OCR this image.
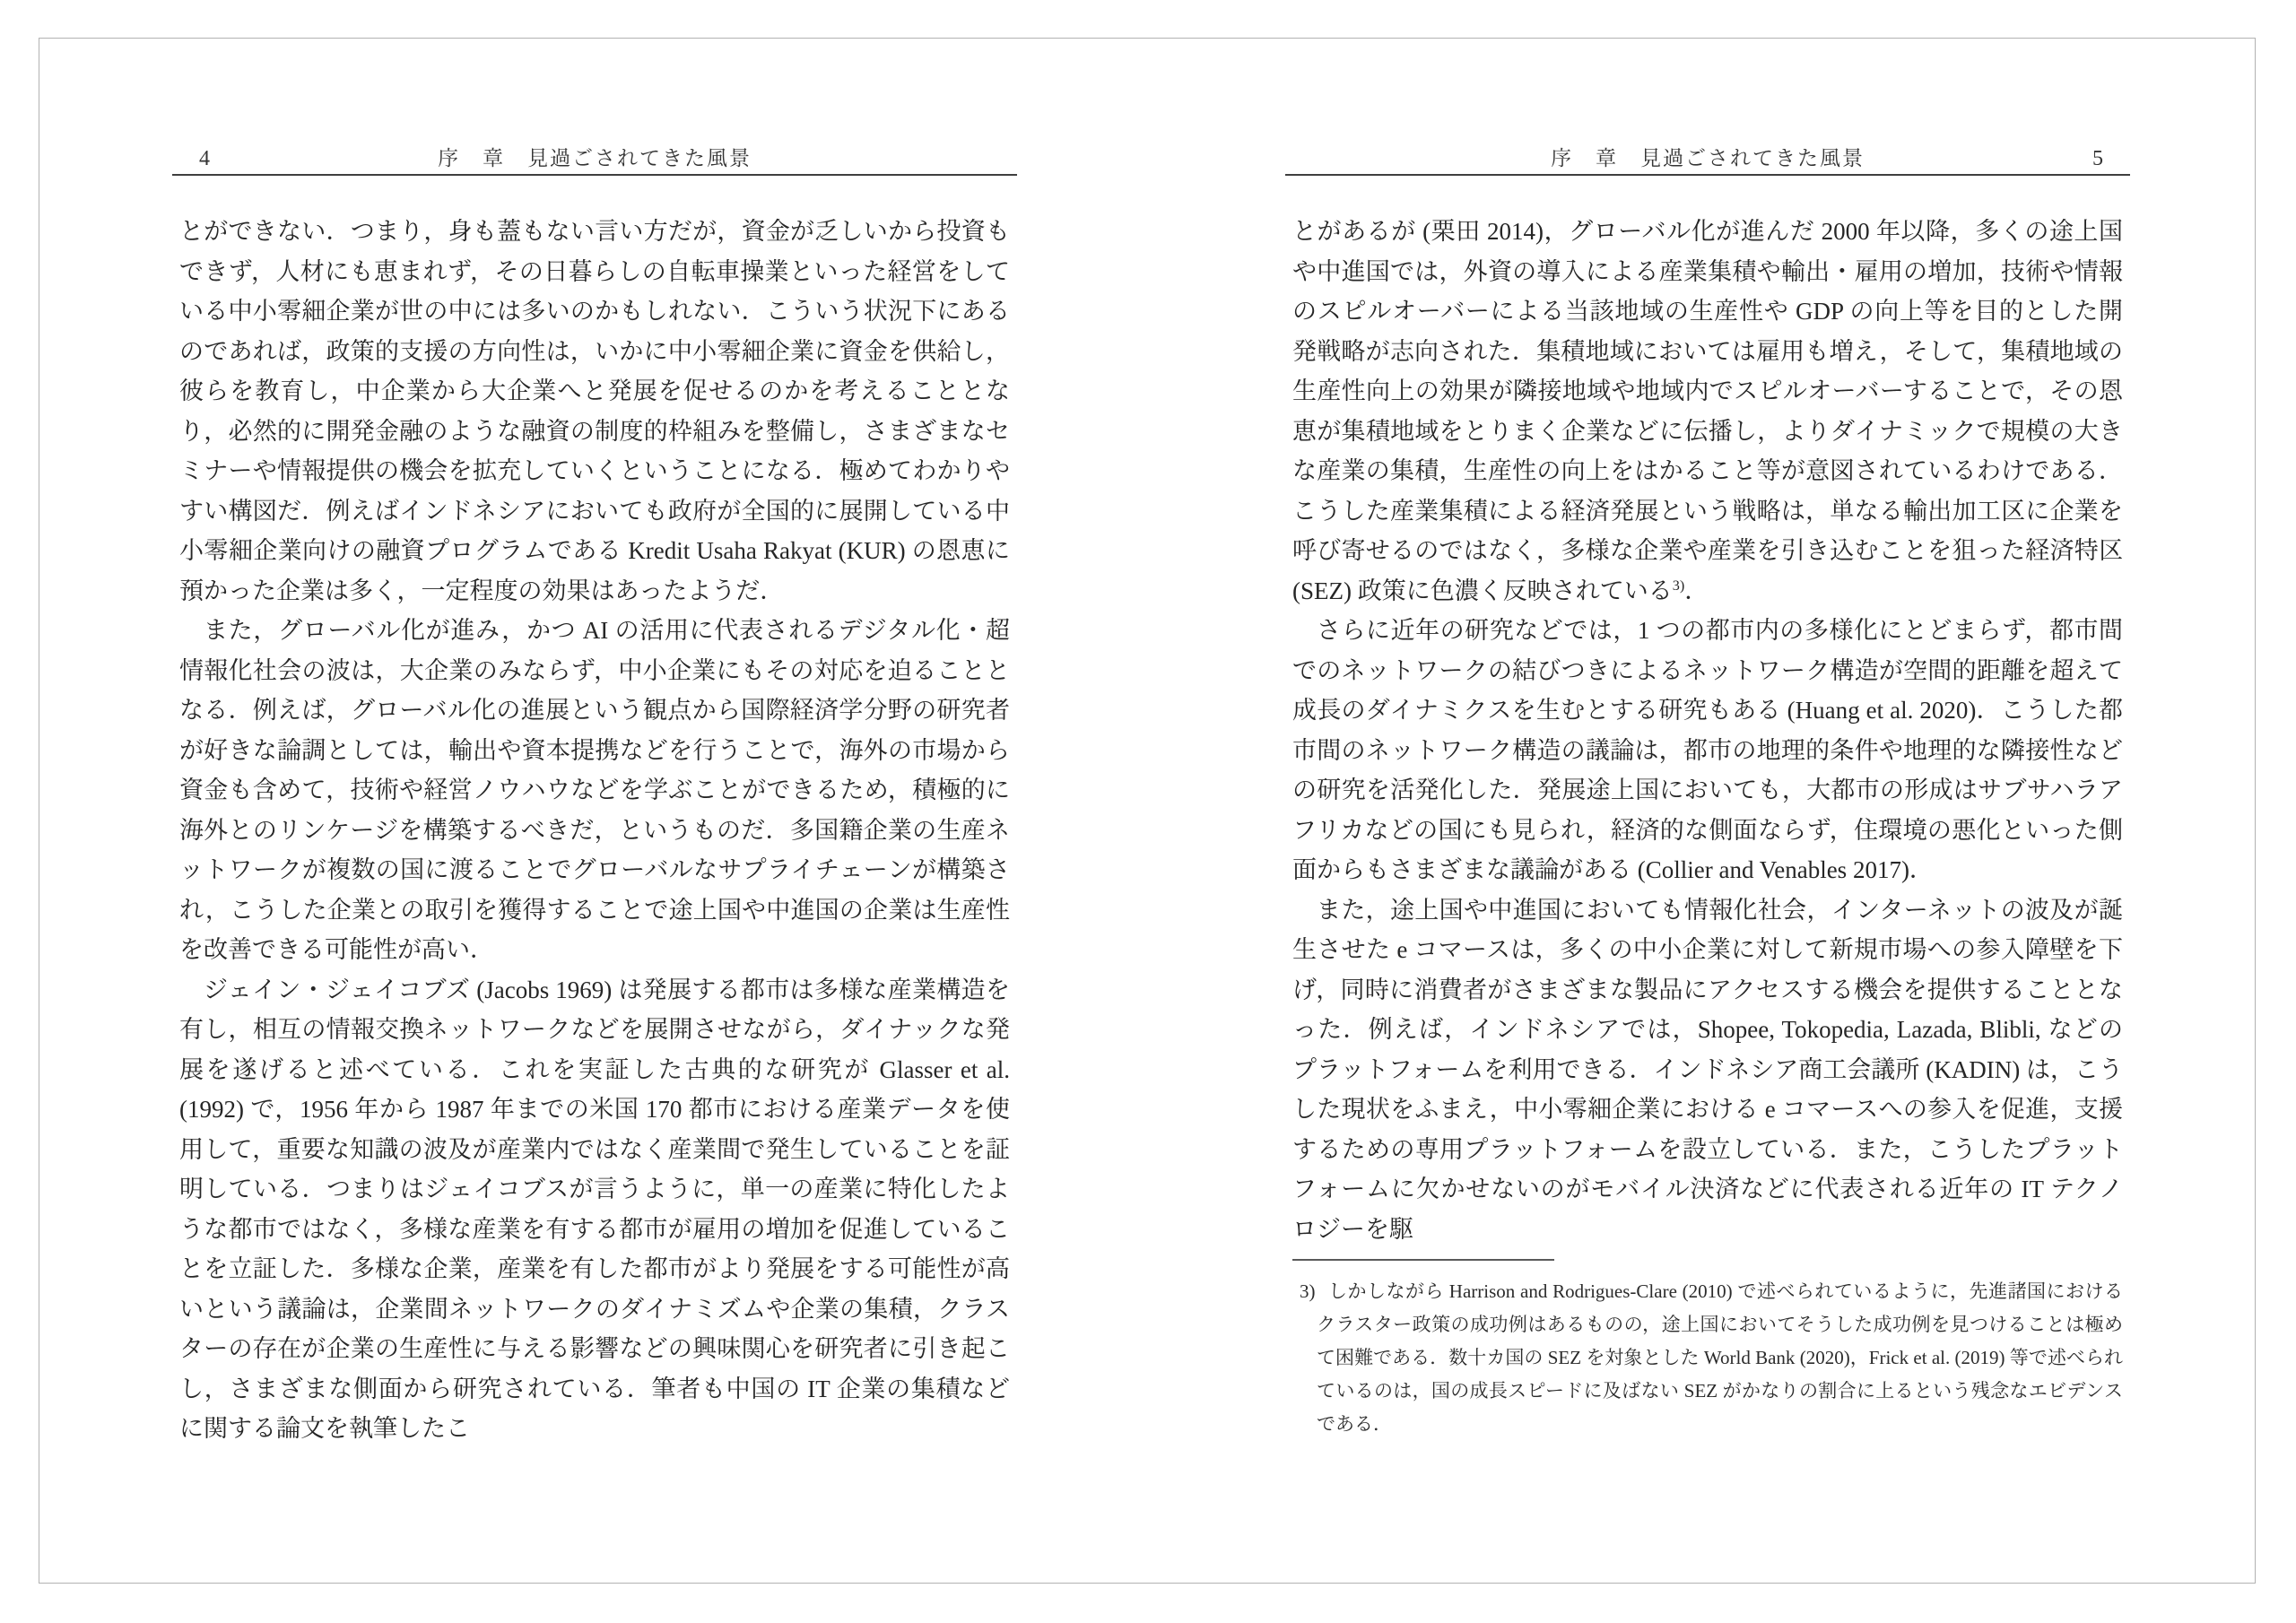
4	序　章　見過ごされてきた風景

とができない．つまり，身も蓋もない言い方だが，資金が乏しいから投資もできず，人材にも恵まれず，その日暮らしの自転車操業といった経営をしている中小零細企業が世の中には多いのかもしれない．こういう状況下にあるのであれば，政策的支援の方向性は，いかに中小零細企業に資金を供給し，彼らを教育し，中企業から大企業へと発展を促せるのかを考えることとなり，必然的に開発金融のような融資の制度的枠組みを整備し，さまざまなセミナーや情報提供の機会を拡充していくということになる．極めてわかりやすい構図だ．例えばインドネシアにおいても政府が全国的に展開している中小零細企業向けの融資プログラムである Kredit Usaha Rakyat (KUR) の恩恵に預かった企業は多く，一定程度の効果はあったようだ．

また，グローバル化が進み，かつ AI の活用に代表されるデジタル化・超情報化社会の波は，大企業のみならず，中小企業にもその対応を迫ることとなる．例えば，グローバル化の進展という観点から国際経済学分野の研究者が好きな論調としては，輸出や資本提携などを行うことで，海外の市場から資金も含めて，技術や経営ノウハウなどを学ぶことができるため，積極的に海外とのリンケージを構築するべきだ，というものだ．多国籍企業の生産ネットワークが複数の国に渡ることでグローバルなサプライチェーンが構築され，こうした企業との取引を獲得することで途上国や中進国の企業は生産性を改善できる可能性が高い．

ジェイン・ジェイコブズ (Jacobs 1969) は発展する都市は多様な産業構造を有し，相互の情報交換ネットワークなどを展開させながら，ダイナックな発展を遂げると述べている．これを実証した古典的な研究が Glasser et al. (1992) で，1956 年から 1987 年までの米国 170 都市における産業データを使用して，重要な知識の波及が産業内ではなく産業間で発生していることを証明している．つまりはジェイコブスが言うように，単一の産業に特化したような都市ではなく，多様な産業を有する都市が雇用の増加を促進していることを立証した．多様な企業，産業を有した都市がより発展をする可能性が高いという議論は，企業間ネットワークのダイナミズムや企業の集積，クラスターの存在が企業の生産性に与える影響などの興味関心を研究者に引き起こし，さまざまな側面から研究されている．筆者も中国の IT 企業の集積などに関する論文を執筆したこ

序　章　見過ごされてきた風景	5

とがあるが (栗田 2014)，グローバル化が進んだ 2000 年以降，多くの途上国や中進国では，外資の導入による産業集積や輸出・雇用の増加，技術や情報のスピルオーバーによる当該地域の生産性や GDP の向上等を目的とした開発戦略が志向された．集積地域においては雇用も増え，そして，集積地域の生産性向上の効果が隣接地域や地域内でスピルオーバーすることで，その恩恵が集積地域をとりまく企業などに伝播し，よりダイナミックで規模の大きな産業の集積，生産性の向上をはかること等が意図されているわけである．こうした産業集積による経済発展という戦略は，単なる輸出加工区に企業を呼び寄せるのではなく，多様な企業や産業を引き込むことを狙った経済特区 (SEZ) 政策に色濃く反映されている$^{3)}$．

さらに近年の研究などでは，1 つの都市内の多様化にとどまらず，都市間でのネットワークの結びつきによるネットワーク構造が空間的距離を超えて成長のダイナミクスを生むとする研究もある (Huang et al. 2020)．こうした都市間のネットワーク構造の議論は，都市の地理的条件や地理的な隣接性などの研究を活発化した．発展途上国においても，大都市の形成はサブサハラアフリカなどの国にも見られ，経済的な側面ならず，住環境の悪化といった側面からもさまざまな議論がある (Collier and Venables 2017)．

また，途上国や中進国においても情報化社会，インターネットの波及が誕生させた e コマースは，多くの中小企業に対して新規市場への参入障壁を下げ，同時に消費者がさまざまな製品にアクセスする機会を提供することとなった．例えば，インドネシアでは，Shopee, Tokopedia, Lazada, Blibli, などのプラットフォームを利用できる．インドネシア商工会議所 (KADIN) は，こうした現状をふまえ，中小零細企業における e コマースへの参入を促進，支援するための専用プラットフォームを設立している．また，こうしたプラットフォームに欠かせないのがモバイル決済などに代表される近年の IT テクノロジーを駆

3) しかしながら Harrison and Rodrigues-Clare (2010) で述べられているように，先進諸国におけるクラスター政策の成功例はあるものの，途上国においてそうした成功例を見つけることは極めて困難である．数十カ国の SEZ を対象とした World Bank (2020)，Frick et al. (2019) 等で述べられているのは，国の成長スピードに及ばない SEZ がかなりの割合に上るという残念なエビデンスである．
